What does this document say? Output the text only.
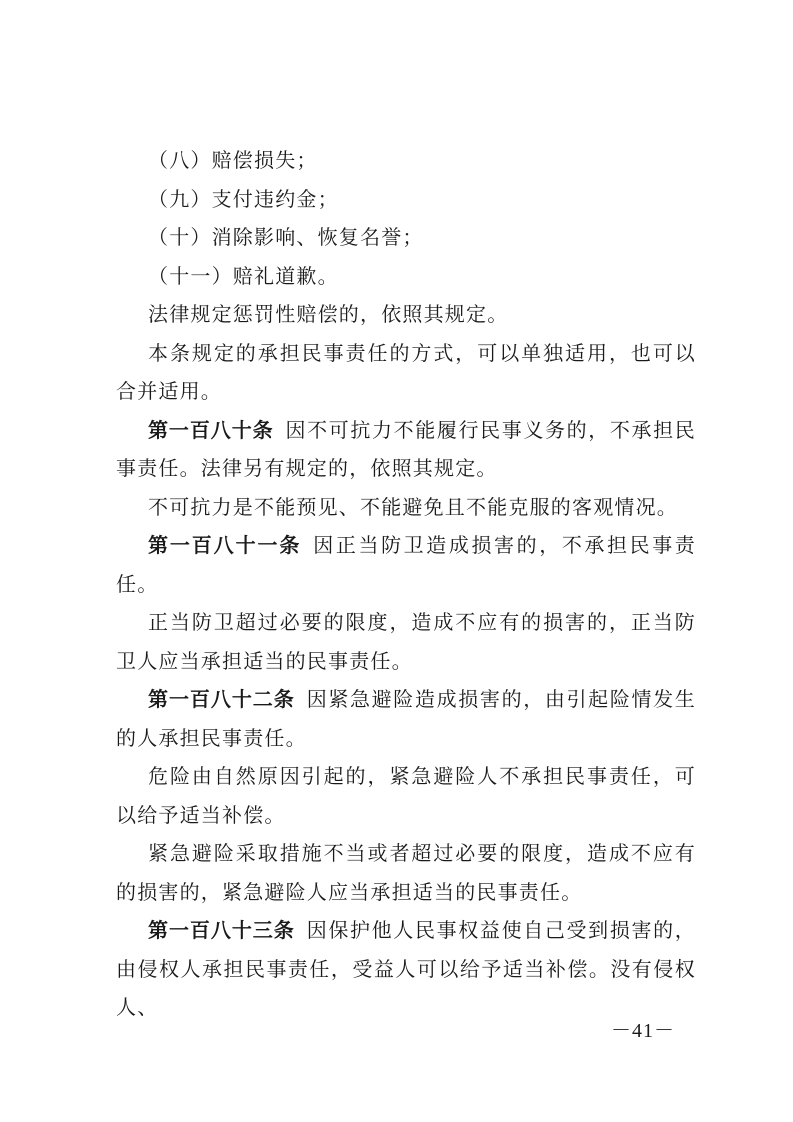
（八）赔偿损失；

（九）支付违约金；

（十）消除影响、恢复名誉；

（十一）赔礼道歉。

法律规定惩罚性赔偿的，依照其规定。

本条规定的承担民事责任的方式，可以单独适用，也可以合并适用。

第一百八十条 因不可抗力不能履行民事义务的，不承担民事责任。法律另有规定的，依照其规定。

不可抗力是不能预见、不能避免且不能克服的客观情况。

第一百八十一条 因正当防卫造成损害的，不承担民事责任。

正当防卫超过必要的限度，造成不应有的损害的，正当防卫人应当承担适当的民事责任。

第一百八十二条 因紧急避险造成损害的，由引起险情发生的人承担民事责任。

危险由自然原因引起的，紧急避险人不承担民事责任，可以给予适当补偿。

紧急避险采取措施不当或者超过必要的限度，造成不应有的损害的，紧急避险人应当承担适当的民事责任。

第一百八十三条 因保护他人民事权益使自己受到损害的，由侵权人承担民事责任，受益人可以给予适当补偿。没有侵权人、

－41－
